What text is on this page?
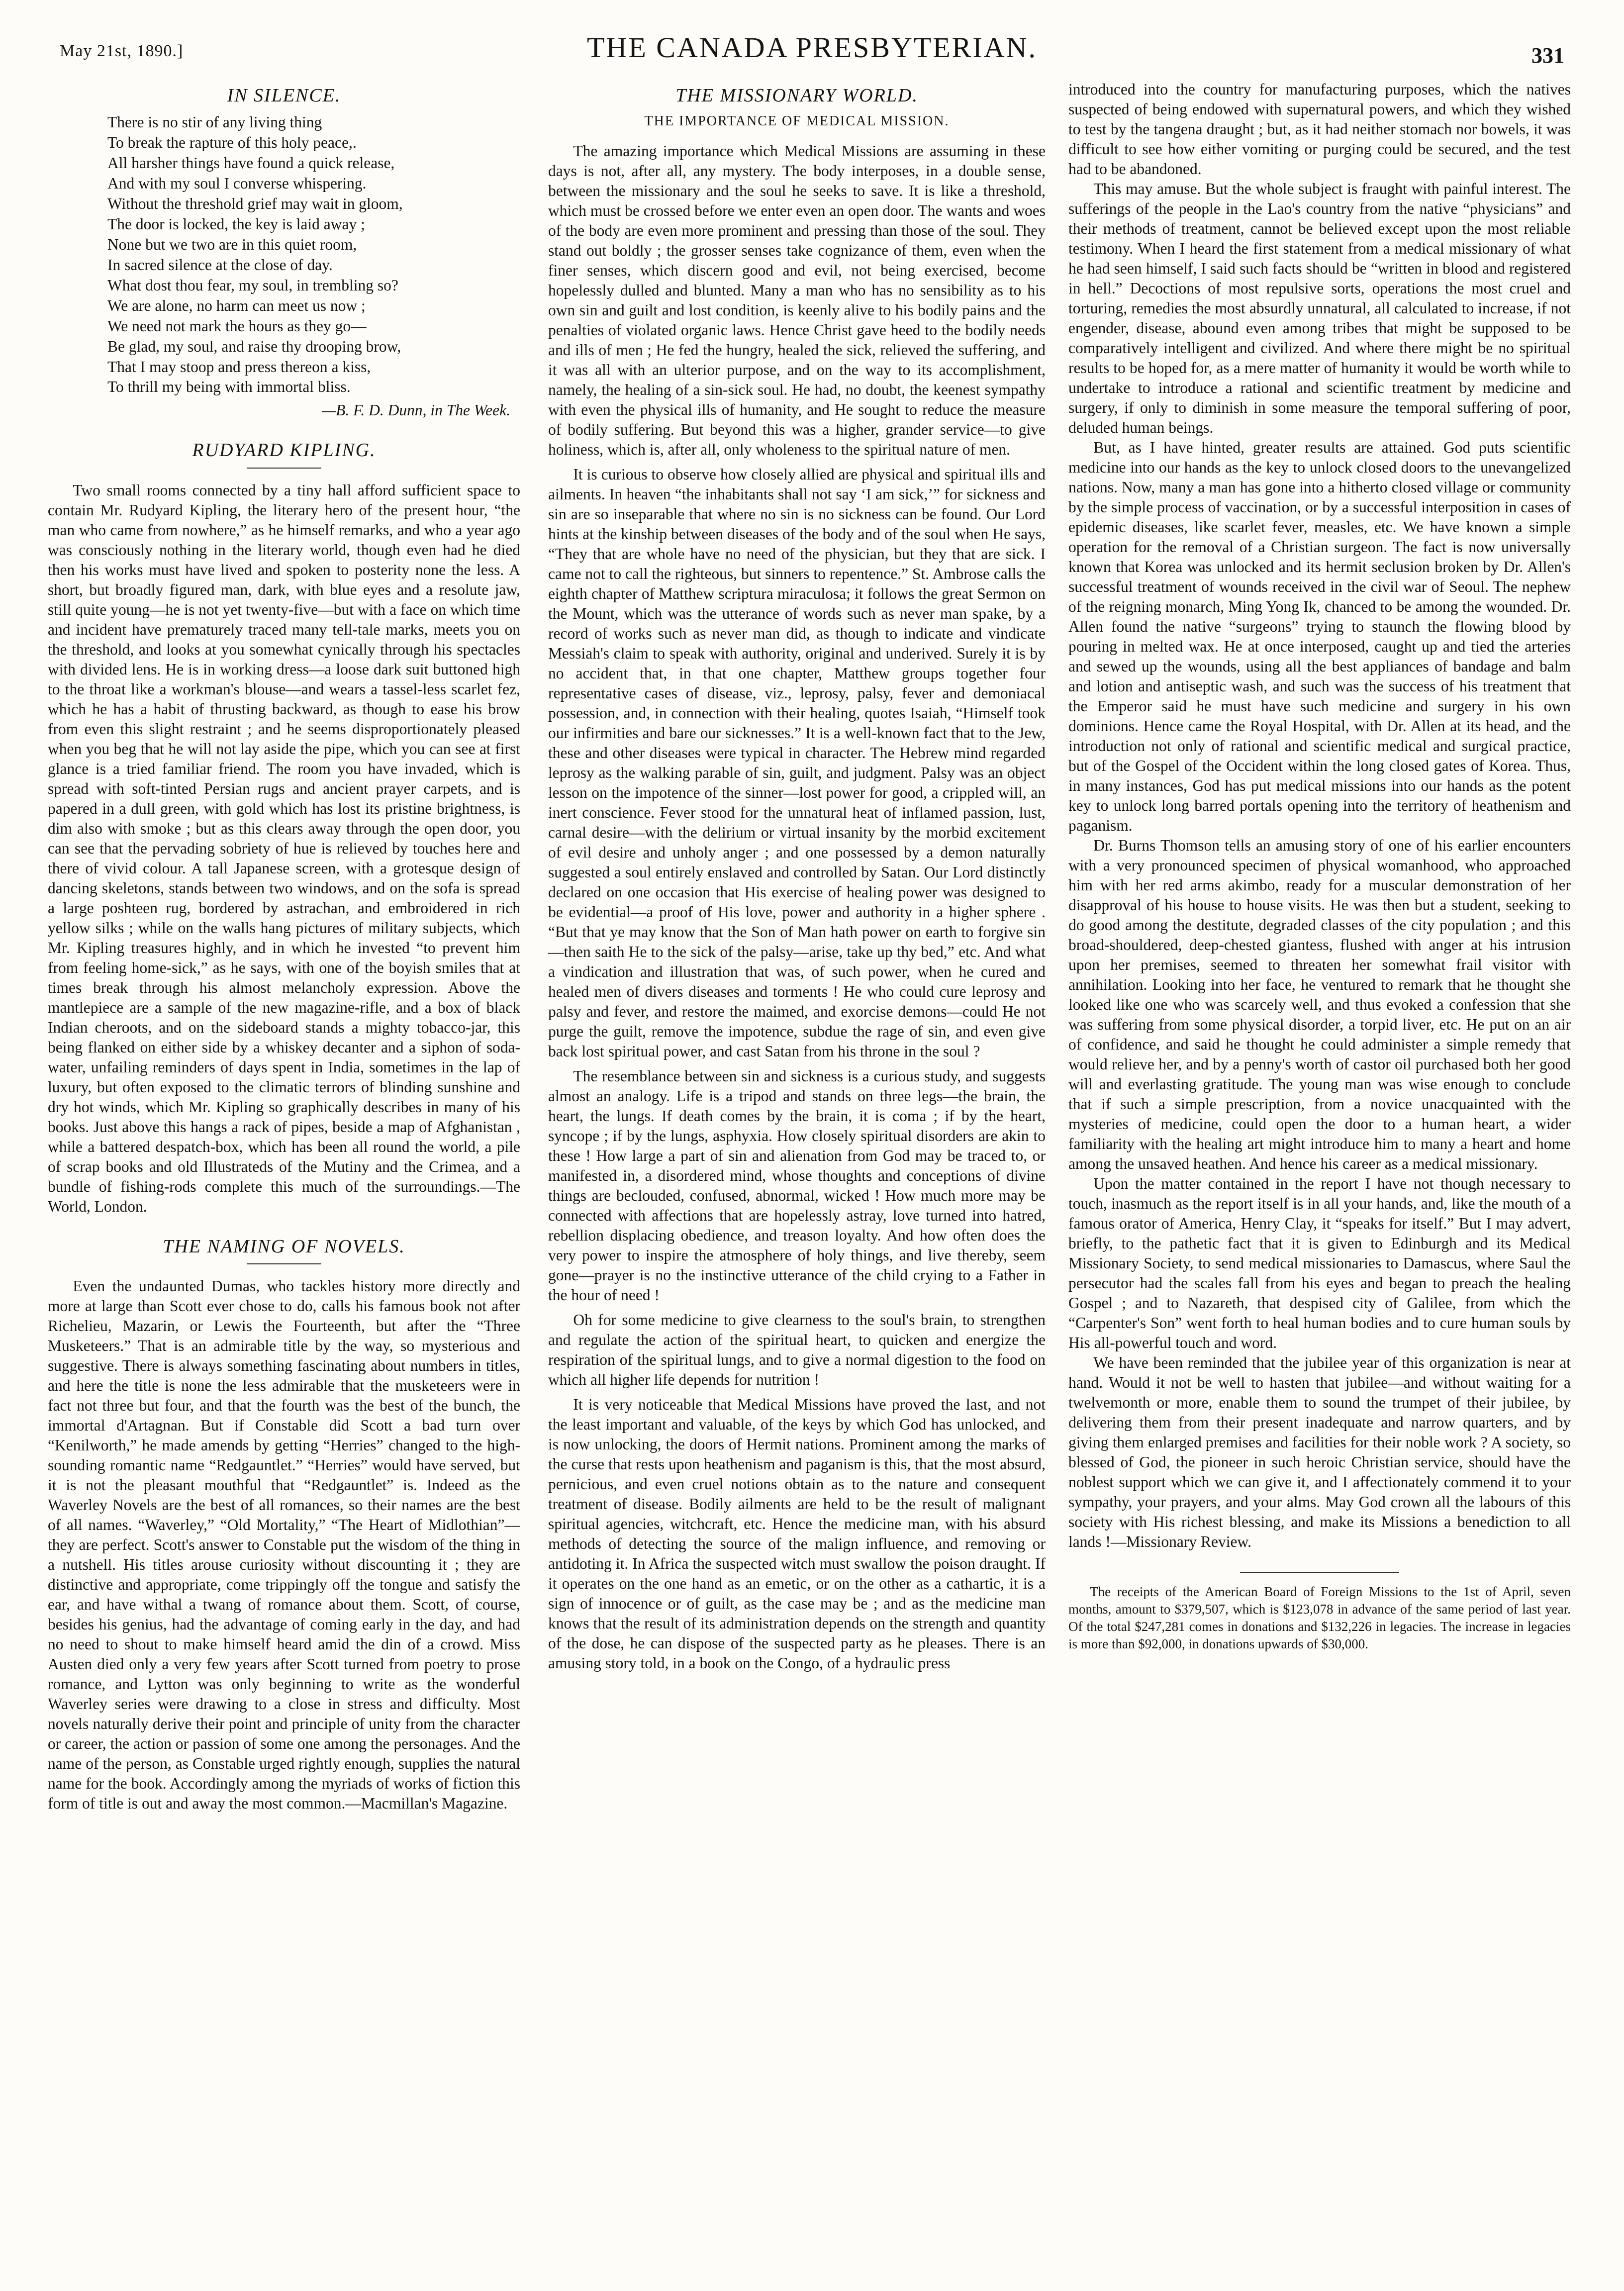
May 21st, 1890.]	THE CANADA PRESBYTERIAN.	331
IN SILENCE.
There is no stir of any living thing
To break the rapture of this holy peace,.
All harsher things have found a quick release,
And with my soul I converse whispering.
Without the threshold grief may wait in gloom,
The door is locked, the key is laid away ;
None but we two are in this quiet room,
In sacred silence at the close of day.
What dost thou fear, my soul, in trembling so?
We are alone, no harm can meet us now ;
We need not mark the hours as they go—
Be glad, my soul, and raise thy drooping brow,
That I may stoop and press thereon a kiss,
To thrill my being with immortal bliss.
—B. F. D. Dunn, in The Week.
RUDYARD KIPLING.

Two small rooms connected by a tiny hall afford sufficient space to contain Mr. Rudyard Kipling, the literary hero of the present hour, “the man who came from nowhere,” as he himself remarks, and who a year ago was consciously nothing in the literary world, though even had he died then his works must have lived and spoken to posterity none the less. A short, but broadly figured man, dark, with blue eyes and a resolute jaw, still quite young—he is not yet twenty-five—but with a face on which time and incident have prematurely traced many tell-tale marks, meets you on the threshold, and looks at you somewhat cynically through his spectacles with divided lens. He is in working dress—a loose dark suit buttoned high to the throat like a workman's blouse—and wears a tassel-less scarlet fez, which he has a habit of thrusting backward, as though to ease his brow from even this slight restraint ; and he seems disproportionately pleased when you beg that he will not lay aside the pipe, which you can see at first glance is a tried familiar friend. The room you have invaded, which is spread with soft-tinted Persian rugs and ancient prayer carpets, and is papered in a dull green, with gold which has lost its pristine brightness, is dim also with smoke ; but as this clears away through the open door, you can see that the pervading sobriety of hue is relieved by touches here and there of vivid colour. A tall Japanese screen, with a grotesque design of dancing skeletons, stands between two windows, and on the sofa is spread a large poshteen rug, bordered by astrachan, and embroidered in rich yellow silks ; while on the walls hang pictures of military subjects, which Mr. Kipling treasures highly, and in which he invested “to prevent him from feeling home-sick,” as he says, with one of the boyish smiles that at times break through his almost melancholy expression. Above the mantlepiece are a sample of the new magazine-rifle, and a box of black Indian cheroots, and on the sideboard stands a mighty tobacco-jar, this being flanked on either side by a whiskey decanter and a siphon of soda-water, unfailing reminders of days spent in India, sometimes in the lap of luxury, but often exposed to the climatic terrors of blinding sunshine and dry hot winds, which Mr. Kipling so graphically describes in many of his books. Just above this hangs a rack of pipes, beside a map of Afghanistan , while a battered despatch-box, which has been all round the world, a pile of scrap books and old Illustrateds of the Mutiny and the Crimea, and a bundle of fishing-rods complete this much of the surroundings.—The World, London.

THE NAMING OF NOVELS.

Even the undaunted Dumas, who tackles history more directly and more at large than Scott ever chose to do, calls his famous book not after Richelieu, Mazarin, or Lewis the Fourteenth, but after the “Three Musketeers.” That is an admirable title by the way, so mysterious and suggestive. There is always something fascinating about numbers in titles, and here the title is none the less admirable that the musketeers were in fact not three but four, and that the fourth was the best of the bunch, the immortal d'Artagnan. But if Constable did Scott a bad turn over “Kenilworth,” he made amends by getting “Herries” changed to the high-sounding romantic name “Redgauntlet.” “Herries” would have served, but it is not the pleasant mouthful that “Redgauntlet” is. Indeed as the Waverley Novels are the best of all romances, so their names are the best of all names. “Waverley,” “Old Mortality,” “The Heart of Midlothian”—they are perfect. Scott's answer to Constable put the wisdom of the thing in a nutshell. His titles arouse curiosity without discounting it ; they are distinctive and appropriate, come trippingly off the tongue and satisfy the ear, and have withal a twang of romance about them. Scott, of course, besides his genius, had the advantage of coming early in the day, and had no need to shout to make himself heard amid the din of a crowd. Miss Austen died only a very few years after Scott turned from poetry to prose romance, and Lytton was only beginning to write as the wonderful Waverley series were drawing to a close in stress and difficulty. Most novels naturally derive their point and principle of unity from the character or career, the action or passion of some one among the personages. And the name of the person, as Constable urged rightly enough, supplies the natural name for the book. Accordingly among the myriads of works of fiction this form of title is out and away the most common.—Macmillan's Magazine.

THE MISSIONARY WORLD.
THE IMPORTANCE OF MEDICAL MISSION.

The amazing importance which Medical Missions are assuming in these days is not, after all, any mystery. The body interposes, in a double sense, between the missionary and the soul he seeks to save. It is like a threshold, which must be crossed before we enter even an open door. The wants and woes of the body are even more prominent and pressing than those of the soul. They stand out boldly ; the grosser senses take cognizance of them, even when the finer senses, which discern good and evil, not being exercised, become hopelessly dulled and blunted. Many a man who has no sensibility as to his own sin and guilt and lost condition, is keenly alive to his bodily pains and the penalties of violated organic laws. Hence Christ gave heed to the bodily needs and ills of men ; He fed the hungry, healed the sick, relieved the suffering, and it was all with an ulterior purpose, and on the way to its accomplishment, namely, the healing of a sin-sick soul. He had, no doubt, the keenest sympathy with even the physical ills of humanity, and He sought to reduce the measure of bodily suffering. But beyond this was a higher, grander service—to give holiness, which is, after all, only wholeness to the spiritual nature of men.

It is curious to observe how closely allied are physical and spiritual ills and ailments. In heaven “the inhabitants shall not say ‘I am sick,’” for sickness and sin are so inseparable that where no sin is no sickness can be found. Our Lord hints at the kinship between diseases of the body and of the soul when He says, “They that are whole have no need of the physician, but they that are sick. I came not to call the righteous, but sinners to repentence.” St. Ambrose calls the eighth chapter of Matthew scriptura miraculosa; it follows the great Sermon on the Mount, which was the utterance of words such as never man spake, by a record of works such as never man did, as though to indicate and vindicate Messiah's claim to speak with authority, original and underived. Surely it is by no accident that, in that one chapter, Matthew groups together four representative cases of disease, viz., leprosy, palsy, fever and demoniacal possession, and, in connection with their healing, quotes Isaiah, “Himself took our infirmities and bare our sicknesses.” It is a well-known fact that to the Jew, these and other diseases were typical in character. The Hebrew mind regarded leprosy as the walking parable of sin, guilt, and judgment. Palsy was an object lesson on the impotence of the sinner—lost power for good, a crippled will, an inert conscience. Fever stood for the unnatural heat of inflamed passion, lust, carnal desire—with the delirium or virtual insanity by the morbid excitement of evil desire and unholy anger ; and one possessed by a demon naturally suggested a soul entirely enslaved and controlled by Satan. Our Lord distinctly declared on one occasion that His exercise of healing power was designed to be evidential—a proof of His love, power and authority in a higher sphere . “But that ye may know that the Son of Man hath power on earth to forgive sin—then saith He to the sick of the palsy—arise, take up thy bed,” etc. And what a vindication and illustration that was, of such power, when he cured and healed men of divers diseases and torments ! He who could cure leprosy and palsy and fever, and restore the maimed, and exorcise demons—could He not purge the guilt, remove the impotence, subdue the rage of sin, and even give back lost spiritual power, and cast Satan from his throne in the soul ?

The resemblance between sin and sickness is a curious study, and suggests almost an analogy. Life is a tripod and stands on three legs—the brain, the heart, the lungs. If death comes by the brain, it is coma ; if by the heart, syncope ; if by the lungs, asphyxia. How closely spiritual disorders are akin to these ! How large a part of sin and alienation from God may be traced to, or manifested in, a disordered mind, whose thoughts and conceptions of divine things are beclouded, confused, abnormal, wicked ! How much more may be connected with affections that are hopelessly astray, love turned into hatred, rebellion displacing obedience, and treason loyalty. And how often does the very power to inspire the atmosphere of holy things, and live thereby, seem gone—prayer is no the instinctive utterance of the child crying to a Father in the hour of need !

Oh for some medicine to give clearness to the soul's brain, to strengthen and regulate the action of the spiritual heart, to quicken and energize the respiration of the spiritual lungs, and to give a normal digestion to the food on which all higher life depends for nutrition !

It is very noticeable that Medical Missions have proved the last, and not the least important and valuable, of the keys by which God has unlocked, and is now unlocking, the doors of Hermit nations. Prominent among the marks of the curse that rests upon heathenism and paganism is this, that the most absurd, pernicious, and even cruel notions obtain as to the nature and consequent treatment of disease. Bodily ailments are held to be the result of malignant spiritual agencies, witchcraft, etc. Hence the medicine man, with his absurd methods of detecting the source of the malign influence, and removing or antidoting it. In Africa the suspected witch must swallow the poison draught. If it operates on the one hand as an emetic, or on the other as a cathartic, it is a sign of innocence or of guilt, as the case may be ; and as the medicine man knows that the result of its administration depends on the strength and quantity of the dose, he can dispose of the suspected party as he pleases. There is an amusing story told, in a book on the Congo, of a hydraulic press

introduced into the country for manufacturing purposes, which the natives suspected of being endowed with supernatural powers, and which they wished to test by the tangena draught ; but, as it had neither stomach nor bowels, it was difficult to see how either vomiting or purging could be secured, and the test had to be abandoned.

This may amuse. But the whole subject is fraught with painful interest. The sufferings of the people in the Lao's country from the native “physicians” and their methods of treatment, cannot be believed except upon the most reliable testimony. When I heard the first statement from a medical missionary of what he had seen himself, I said such facts should be “written in blood and registered in hell.” Decoctions of most repulsive sorts, operations the most cruel and torturing, remedies the most absurdly unnatural, all calculated to increase, if not engender, disease, abound even among tribes that might be supposed to be comparatively intelligent and civilized. And where there might be no spiritual results to be hoped for, as a mere matter of humanity it would be worth while to undertake to introduce a rational and scientific treatment by medicine and surgery, if only to diminish in some measure the temporal suffering of poor, deluded human beings.

But, as I have hinted, greater results are attained. God puts scientific medicine into our hands as the key to unlock closed doors to the unevangelized nations. Now, many a man has gone into a hitherto closed village or community by the simple process of vaccination, or by a successful interposition in cases of epidemic diseases, like scarlet fever, measles, etc. We have known a simple operation for the removal of a Christian surgeon. The fact is now universally known that Korea was unlocked and its hermit seclusion broken by Dr. Allen's successful treatment of wounds received in the civil war of Seoul. The nephew of the reigning monarch, Ming Yong Ik, chanced to be among the wounded. Dr. Allen found the native “surgeons” trying to staunch the flowing blood by pouring in melted wax. He at once interposed, caught up and tied the arteries and sewed up the wounds, using all the best appliances of bandage and balm and lotion and antiseptic wash, and such was the success of his treatment that the Emperor said he must have such medicine and surgery in his own dominions. Hence came the Royal Hospital, with Dr. Allen at its head, and the introduction not only of rational and scientific medical and surgical practice, but of the Gospel of the Occident within the long closed gates of Korea. Thus, in many instances, God has put medical missions into our hands as the potent key to unlock long barred portals opening into the territory of heathenism and paganism.

Dr. Burns Thomson tells an amusing story of one of his earlier encounters with a very pronounced specimen of physical womanhood, who approached him with her red arms akimbo, ready for a muscular demonstration of her disapproval of his house to house visits. He was then but a student, seeking to do good among the destitute, degraded classes of the city population ; and this broad-shouldered, deep-chested giantess, flushed with anger at his intrusion upon her premises, seemed to threaten her somewhat frail visitor with annihilation. Looking into her face, he ventured to remark that he thought she looked like one who was scarcely well, and thus evoked a confession that she was suffering from some physical disorder, a torpid liver, etc. He put on an air of confidence, and said he thought he could administer a simple remedy that would relieve her, and by a penny's worth of castor oil purchased both her good will and everlasting gratitude. The young man was wise enough to conclude that if such a simple prescription, from a novice unacquainted with the mysteries of medicine, could open the door to a human heart, a wider familiarity with the healing art might introduce him to many a heart and home among the unsaved heathen. And hence his career as a medical missionary.

Upon the matter contained in the report I have not though necessary to touch, inasmuch as the report itself is in all your hands, and, like the mouth of a famous orator of America, Henry Clay, it “speaks for itself.” But I may advert, briefly, to the pathetic fact that it is given to Edinburgh and its Medical Missionary Society, to send medical missionaries to Damascus, where Saul the persecutor had the scales fall from his eyes and began to preach the healing Gospel ; and to Nazareth, that despised city of Galilee, from which the “Carpenter's Son” went forth to heal human bodies and to cure human souls by His all-powerful touch and word.

We have been reminded that the jubilee year of this organization is near at hand. Would it not be well to hasten that jubilee—and without waiting for a twelvemonth or more, enable them to sound the trumpet of their jubilee, by delivering them from their present inadequate and narrow quarters, and by giving them enlarged premises and facilities for their noble work ? A society, so blessed of God, the pioneer in such heroic Christian service, should have the noblest support which we can give it, and I affectionately commend it to your sympathy, your prayers, and your alms. May God crown all the labours of this society with His richest blessing, and make its Missions a benediction to all lands !—Missionary Review.

The receipts of the American Board of Foreign Missions to the 1st of April, seven months, amount to $379,507, which is $123,078 in advance of the same period of last year. Of the total $247,281 comes in donations and $132,226 in legacies. The increase in legacies is more than $92,000, in donations upwards of $30,000.
